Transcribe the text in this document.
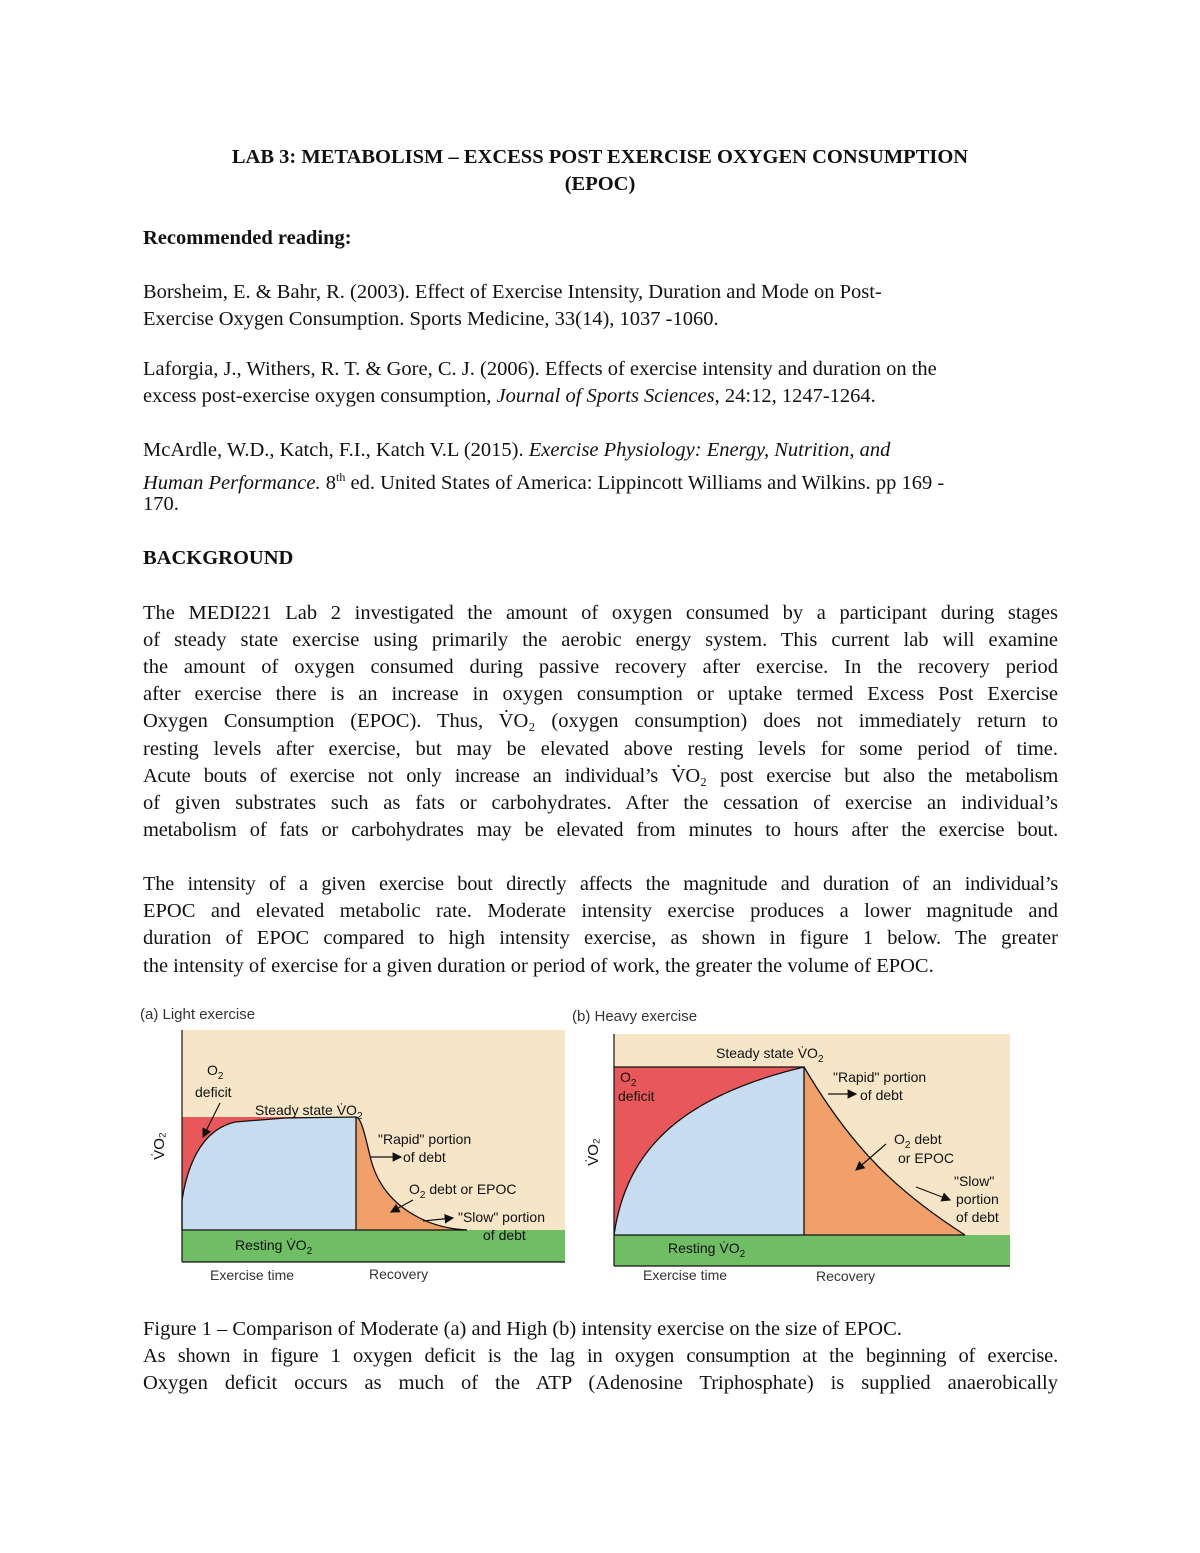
LAB 3: METABOLISM – EXCESS POST EXERCISE OXYGEN CONSUMPTION
(EPOC)
Recommended reading:
Borsheim, E. & Bahr, R. (2003). Effect of Exercise Intensity, Duration and Mode on Post-
Exercise Oxygen Consumption. Sports Medicine, 33(14), 1037 -1060.
Laforgia, J., Withers, R. T. & Gore, C. J. (2006). Effects of exercise intensity and duration on the
excess post-exercise oxygen consumption, Journal of Sports Sciences, 24:12, 1247-1264.
McArdle, W.D., Katch, F.I., Katch V.L (2015). Exercise Physiology: Energy, Nutrition, and
Human Performance. 8th ed. United States of America: Lippincott Williams and Wilkins. pp 169 -
170.
BACKGROUND
The MEDI221 Lab 2 investigated the amount of oxygen consumed by a participant during stages
of steady state exercise using primarily the aerobic energy system. This current lab will examine
the amount of oxygen consumed during passive recovery after exercise. In the recovery period
after exercise there is an increase in oxygen consumption or uptake termed Excess Post Exercise
Oxygen Consumption (EPOC). Thus, V̇O₂ (oxygen consumption) does not immediately return to
resting levels after exercise, but may be elevated above resting levels for some period of time.
Acute bouts of exercise not only increase an individual’s V̇O₂ post exercise but also the metabolism
of given substrates such as fats or carbohydrates. After the cessation of exercise an individual’s
metabolism of fats or carbohydrates may be elevated from minutes to hours after the exercise bout.
The intensity of a given exercise bout directly affects the magnitude and duration of an individual’s
EPOC and elevated metabolic rate. Moderate intensity exercise produces a lower magnitude and
duration of EPOC compared to high intensity exercise, as shown in figure 1 below. The greater
the intensity of exercise for a given duration or period of work, the greater the volume of EPOC.
(a) Light exercise
$O_2$
deficit
Steady state $V̇O_2$
"Rapid" portion
of debt
$O_2$ debt or EPOC
"Slow" portion
of debt
Resting $V̇O_2$
V̇O₂
Exercise time	Recovery
(b) Heavy exercise
Steady state $V̇O_2$
$O_2$
deficit
"Rapid" portion
of debt
$O_2$ debt
or EPOC
"Slow"
portion
of debt
Resting $V̇O_2$
V̇O₂
Exercise time	Recovery
Figure 1 – Comparison of Moderate (a) and High (b) intensity exercise on the size of EPOC.
As shown in figure 1 oxygen deficit is the lag in oxygen consumption at the beginning of exercise.
Oxygen deficit occurs as much of the ATP (Adenosine Triphosphate) is supplied anaerobically
